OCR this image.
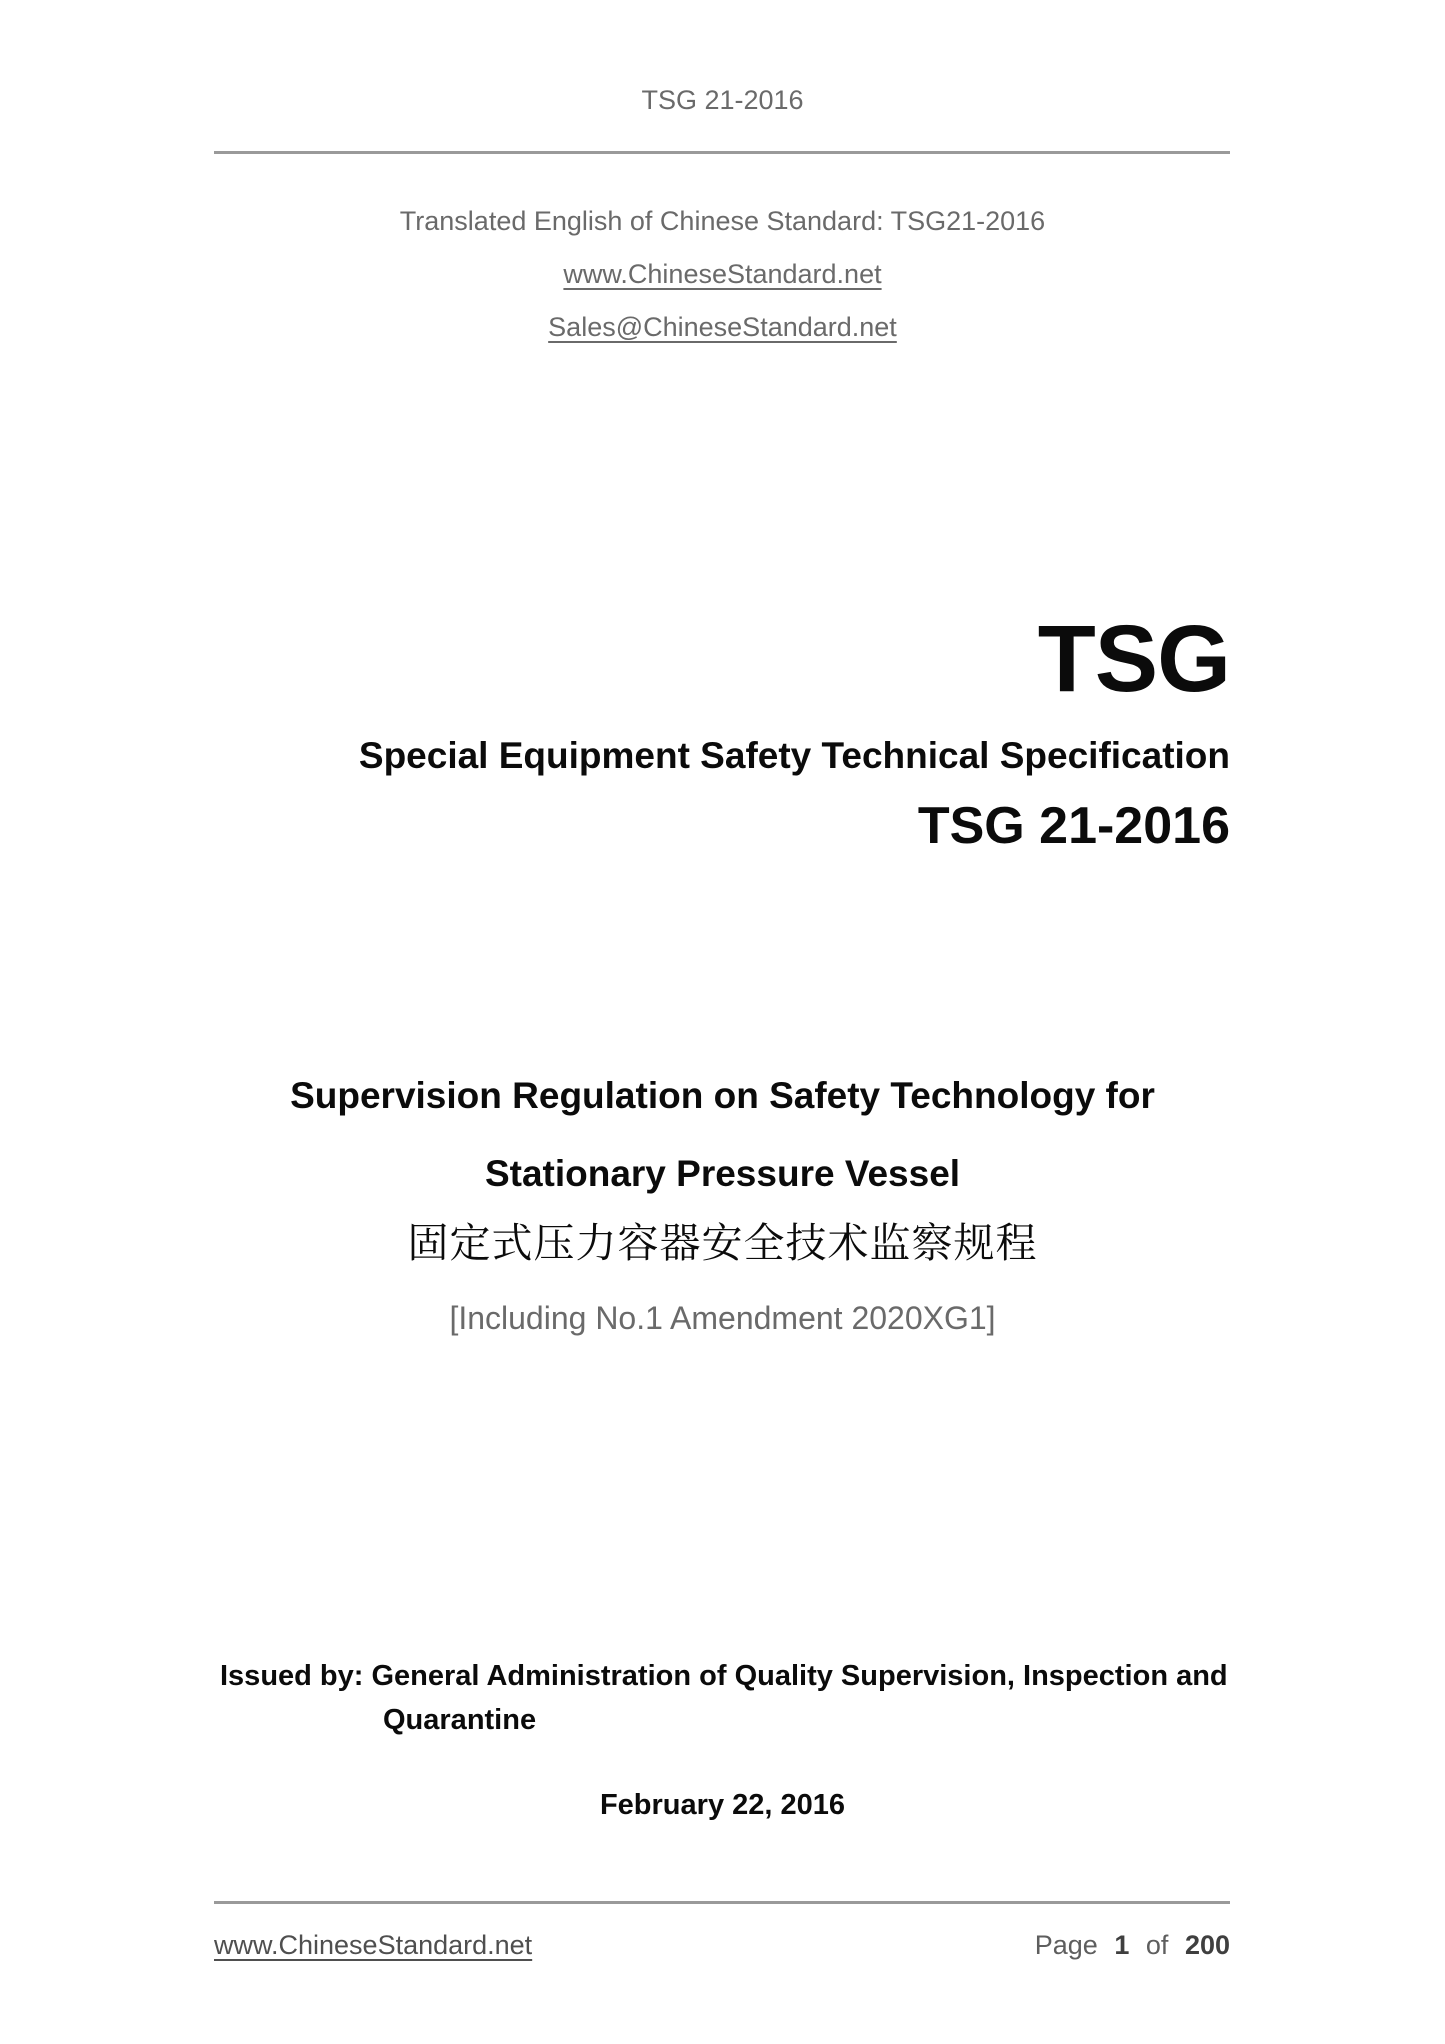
TSG 21-2016
Translated English of Chinese Standard: TSG21-2016
www.ChineseStandard.net
Sales@ChineseStandard.net
TSG
Special Equipment Safety Technical Specification
TSG 21-2016
Supervision Regulation on Safety Technology for
Stationary Pressure Vessel
固定式压力容器安全技术监察规程
[Including No.1 Amendment 2020XG1]
Issued by: General Administration of Quality Supervision, Inspection and
Quarantine
February 22, 2016
www.ChineseStandard.net	Page 1 of 200
